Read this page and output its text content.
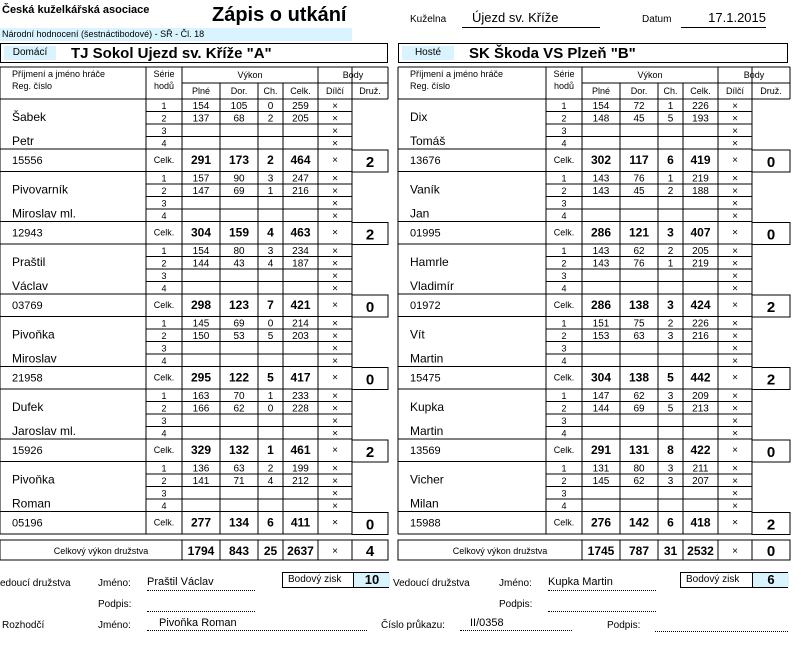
Česká kuželkářská asociace
Národní hodnocení (šestnáctibodové) - SŘ - Čl. 18
Zápis o utkání	Kuželna	Újezd sv. Kříže	Datum	17.1.2015
Domácí	TJ Sokol Ujezd sv. Kříže "A"	Hosté	SK Škoda VS Plzeň "B"
Příjmení a jméno hráče
Reg. číslo
Série
hodů
Výkon
Plné Dor. Ch. Celk.
Body
Dílčí Druž.
Šabek
Petr
15556
1	154 105 0 259 ×
2	137 68 2 205 ×
3	×
4	×
Celk. 291 173 2 464 × 2
Pivovarník
Miroslav ml.
12943
1	157 90 3 247 ×
2	147 69 1 216 ×
3	×
4	×
Celk. 304 159 4 463 × 2
Praštil
Václav
03769
1	154 80 3 234 ×
2	144 43 4 187 ×
3	×
4	×
Celk. 298 123 7 421 × 0
Pivoňka
Miroslav
21958
1	145 69 0 214 ×
2	150 53 5 203 ×
3	×
4	×
Celk. 295 122 5 417 × 0
Dufek
Jaroslav ml.
15926
1	163 70 1 233 ×
2	166 62 0 228 ×
3	×
4	×
Celk. 329 132 1 461 × 2
Pivoňka
Roman
05196
1	136 63 2 199 ×
2	141 71 4 212 ×
3	×
4	×
Celk. 277 134 6 411 × 0
Celkový výkon družstva	1794 843 25 2637 × 4
Příjmení a jméno hráče
Reg. číslo
Série
hodů
Výkon
Plné Dor. Ch. Celk.
Body
Dílčí Druž.
Dix
Tomáš
13676
1	154 72 1 226 ×
2	148 45 5 193 ×
3	×
4	×
Celk. 302 117 6 419 × 0
Vaník
Jan
01995
1	143 76 1 219 ×
2	143 45 2 188 ×
3	×
4	×
Celk. 286 121 3 407 × 0
Hamrle
Vladimír
01972
1	143 62 2 205 ×
2	143 76 1 219 ×
3	×
4	×
Celk. 286 138 3 424 × 2
Vít
Martin
15475
1	151 75 2 226 ×
2	153 63 3 216 ×
3	×
4	×
Celk. 304 138 5 442 × 2
Kupka
Martin
13569
1	147 62 3 209 ×
2	144 69 5 213 ×
3	×
4	×
Celk. 291 131 8 422 × 0
Vicher
Milan
15988
1	131 80 3 211 ×
2	145 62 3 207 ×
3	×
4	×
Celk. 276 142 6 418 × 2
Celkový výkon družstva	1745 787 31 2532 × 0
edoucí družstva	Jméno: Praštil Václav
Podpis:
Bodový zisk	10	Vedoucí družstva	Jméno: Kupka Martin
Podpis:
Bodový zisk	6
Rozhodčí	Jméno:	Pivoňka Roman	Číslo průkazu:	II/0358	Podpis:
